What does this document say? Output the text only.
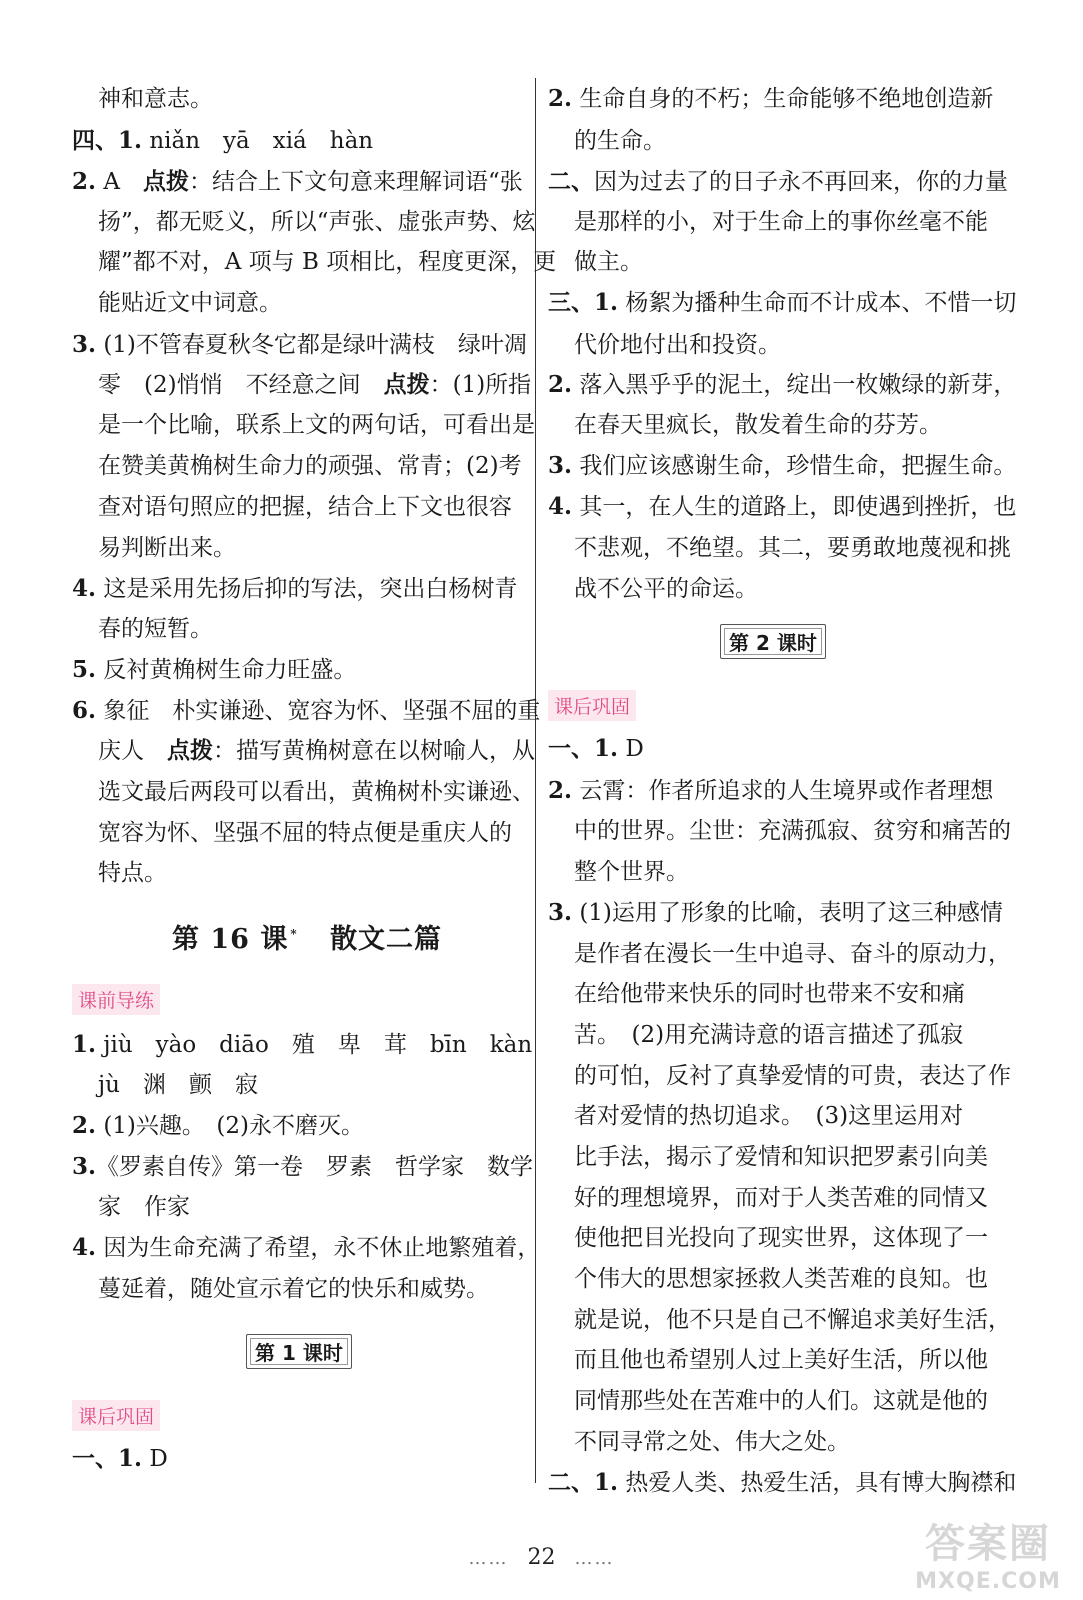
神和意志。
四、1. niǎn　yā　xiá　hàn
2. A　点拨：结合上下文句意来理解词语“张
扬”，都无贬义，所以“声张、虚张声势、炫
耀”都不对，A 项与 B 项相比，程度更深，更
能贴近文中词意。
3. (1)不管春夏秋冬它都是绿叶满枝　绿叶凋
零　(2)悄悄　不经意之间　点拨：(1)所指
是一个比喻，联系上文的两句话，可看出是
在赞美黄桷树生命力的顽强、常青；(2)考
查对语句照应的把握，结合上下文也很容
易判断出来。
4. 这是采用先扬后抑的写法，突出白杨树青
春的短暂。
5. 反衬黄桷树生命力旺盛。
6. 象征　朴实谦逊、宽容为怀、坚强不屈的重
庆人　点拨：描写黄桷树意在以树喻人，从
选文最后两段可以看出，黄桷树朴实谦逊、
宽容为怀、坚强不屈的特点便是重庆人的
特点。
第 16 课 * 散文二篇
课前导练
1. jiù　yào　diāo　殖　卑　茸　bīn　kàn
jù　渊　颤　寂
2. (1)兴趣。　(2)永不磨灭。
3.《罗素自传》第一卷　罗素　哲学家　数学
家　作家
4. 因为生命充满了希望，永不休止地繁殖着，
蔓延着，随处宣示着它的快乐和威势。
第 1 课时
课后巩固
一、1. D
2. 生命自身的不朽；生命能够不绝地创造新
的生命。
二、因为过去了的日子永不再回来，你的力量
是那样的小，对于生命上的事你丝毫不能
做主。
三、1. 杨絮为播种生命而不计成本、不惜一切
代价地付出和投资。
2. 落入黑乎乎的泥土，绽出一枚嫩绿的新芽，
在春天里疯长，散发着生命的芬芳。
3. 我们应该感谢生命，珍惜生命，把握生命。
4. 其一，在人生的道路上，即使遇到挫折，也
不悲观，不绝望。其二，要勇敢地蔑视和挑
战不公平的命运。
第 2 课时
课后巩固
一、1. D
2. 云霄：作者所追求的人生境界或作者理想
中的世界。尘世：充满孤寂、贫穷和痛苦的
整个世界。
3. (1)运用了形象的比喻，表明了这三种感情
是作者在漫长一生中追寻、奋斗的原动力，
在给他带来快乐的同时也带来不安和痛
苦。　(2)用充满诗意的语言描述了孤寂
的可怕，反衬了真挚爱情的可贵，表达了作
者对爱情的热切追求。　(3)这里运用对
比手法，揭示了爱情和知识把罗素引向美
好的理想境界，而对于人类苦难的同情又
使他把目光投向了现实世界，这体现了一
个伟大的思想家拯救人类苦难的良知。也
就是说，他不只是自己不懈追求美好生活，
而且他也希望别人过上美好生活，所以他
同情那些处在苦难中的人们。这就是他的
不同寻常之处、伟大之处。
二、1. 热爱人类、热爱生活，具有博大胸襟和
…… 22 ……	答案圈
MXQE.COM
